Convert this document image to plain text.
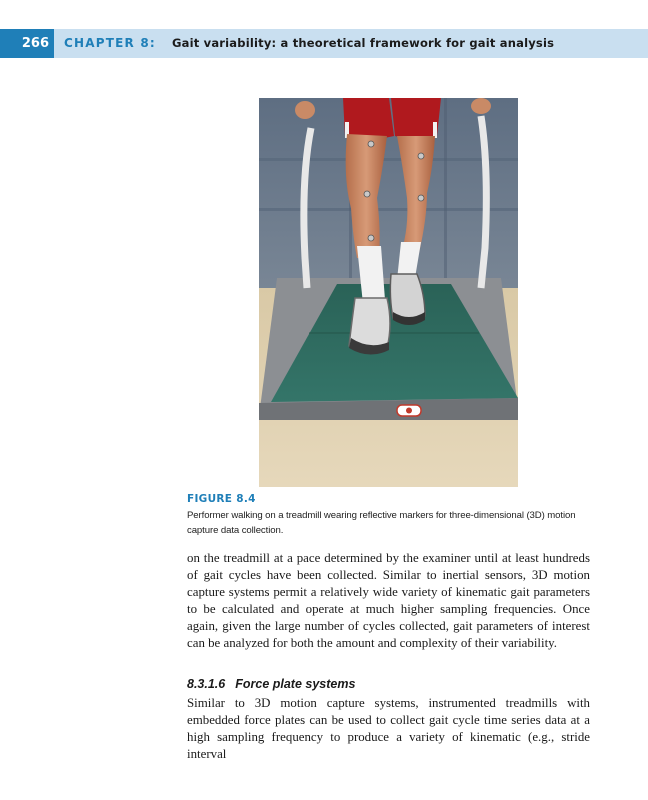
266	CHAPTER 8: Gait variability: a theoretical framework for gait analysis
FIGURE 8.4
Performer walking on a treadmill wearing reflective markers for three-dimensional (3D) motion capture data collection.

on the treadmill at a pace determined by the examiner until at least hundreds of gait cycles have been collected. Similar to inertial sensors, 3D motion capture systems permit a relatively wide variety of kinematic gait parameters to be calculated and operate at much higher sampling frequencies. Once again, given the large number of cycles collected, gait parameters of interest can be analyzed for both the amount and complexity of their variability.

8.3.1.6 Force plate systems

Similar to 3D motion capture systems, instrumented treadmills with embedded force plates can be used to collect gait cycle time series data at a high sampling frequency to produce a variety of kinematic (e.g., stride interval
